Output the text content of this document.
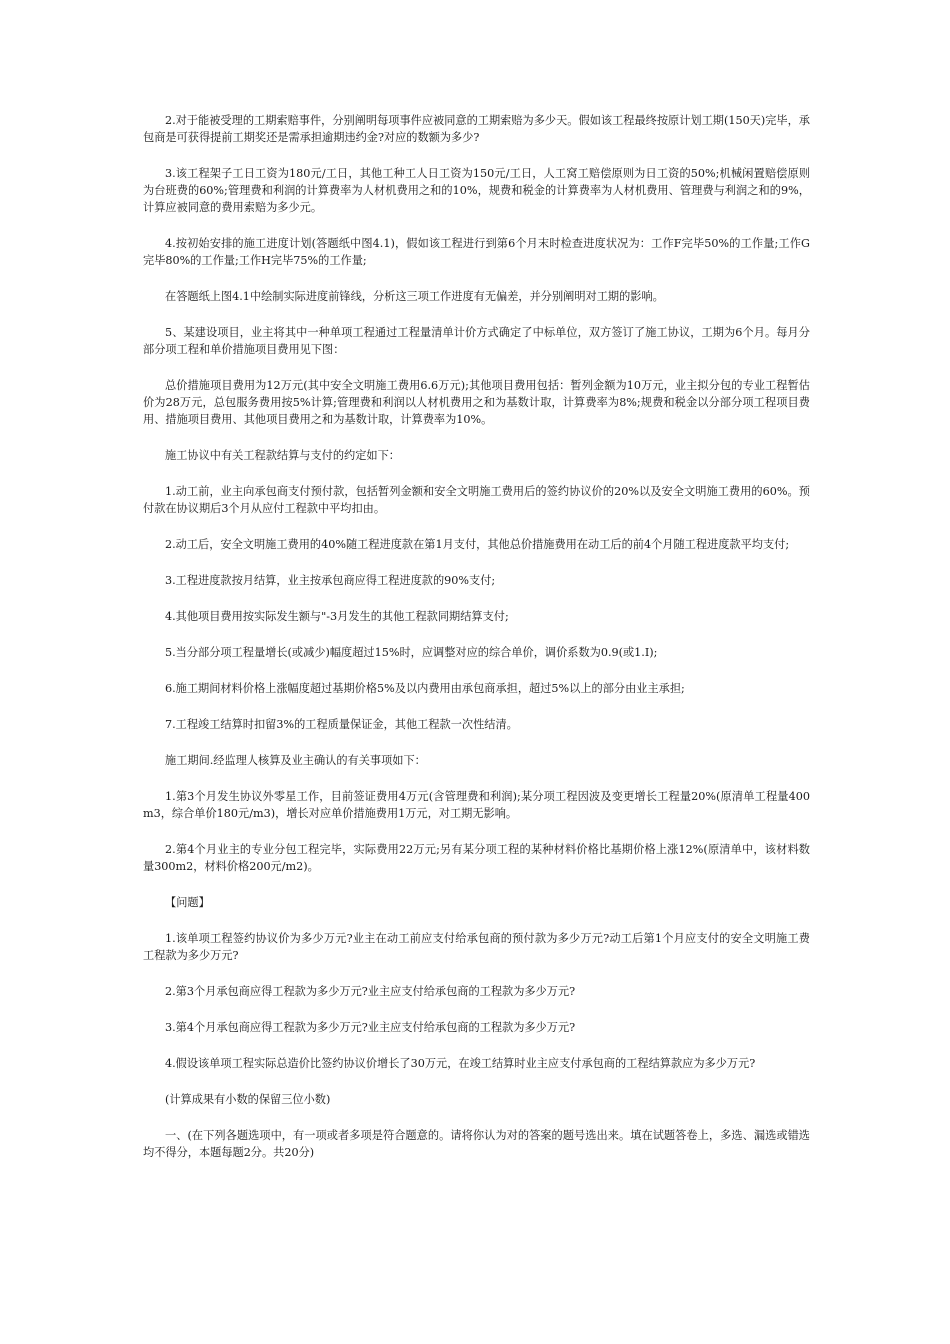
2.对于能被受理的工期索赔事件，分别阐明每项事件应被同意的工期索赔为多少天。假如该工程最终按原计划工期(150天)完毕，承包商是可获得提前工期奖还是需承担逾期违约金?对应的数额为多少?

3.该工程架子工日工资为180元/工日，其他工种工人日工资为150元/工日，人工窝工赔偿原则为日工资的50%;机械闲置赔偿原则为台班费的60%;管理费和利润的计算费率为人材机费用之和的10%，规费和税金的计算费率为人材机费用、管理费与利润之和的9%，计算应被同意的费用索赔为多少元。

4.按初始安排的施工进度计划(答题纸中图4.1)，假如该工程进行到第6个月末时检查进度状况为：工作F完毕50%的工作量;工作G完毕80%的工作量;工作H完毕75%的工作量;

在答题纸上图4.1中绘制实际进度前锋线，分析这三项工作进度有无偏差，并分别阐明对工期的影响。

5、某建设项目，业主将其中一种单项工程通过工程量清单计价方式确定了中标单位，双方签订了施工协议，工期为6个月。每月分部分项工程和单价措施项目费用见下图：

总价措施项目费用为12万元(其中安全文明施工费用6.6万元);其他项目费用包括：暂列金额为10万元，业主拟分包的专业工程暂估价为28万元，总包服务费用按5%计算;管理费和利润以人材机费用之和为基数计取，计算费率为8%;规费和税金以分部分项工程项目费用、措施项目费用、其他项目费用之和为基数计取，计算费率为10%。

施工协议中有关工程款结算与支付的约定如下：

1.动工前，业主向承包商支付预付款，包括暂列金额和安全文明施工费用后的签约协议价的20%以及安全文明施工费用的60%。预付款在协议期后3个月从应付工程款中平均扣由。

2.动工后，安全文明施工费用的40%随工程进度款在第1月支付，其他总价措施费用在动工后的前4个月随工程进度款平均支付;

3.工程进度款按月结算，业主按承包商应得工程进度款的90%支付;

4.其他项目费用按实际发生额与"-3月发生的其他工程款同期结算支付;

5.当分部分项工程量增长(或减少)幅度超过15%时，应调整对应的综合单价，调价系数为0.9(或1.I);

6.施工期间材料价格上涨幅度超过基期价格5%及以内费用由承包商承担，超过5%以上的部分由业主承担;

7.工程竣工结算时扣留3%的工程质量保证金，其他工程款一次性结清。

施工期间.经监理人核算及业主确认的有关事项如下：

1.第3个月发生协议外零星工作，目前签证费用4万元(含管理费和利润);某分项工程因波及变更增长工程量20%(原清单工程量400m3，综合单价180元/m3)，增长对应单价措施费用1万元，对工期无影响。

2.第4个月业主的专业分包工程完毕，实际费用22万元;另有某分项工程的某种材料价格比基期价格上涨12%(原清单中，该材料数量300m2，材料价格200元/m2)。

【问题】

1.该单项工程签约协议价为多少万元?业主在动工前应支付给承包商的预付款为多少万元?动工后第1个月应支付的安全文明施工费工程款为多少万元?

2.第3个月承包商应得工程款为多少万元?业主应支付给承包商的工程款为多少万元?

3.第4个月承包商应得工程款为多少万元?业主应支付给承包商的工程款为多少万元?

4.假设该单项工程实际总造价比签约协议价增长了30万元，在竣工结算时业主应支付承包商的工程结算款应为多少万元?

(计算成果有小数的保留三位小数)

一、(在下列各题选项中，有一项或者多项是符合题意的。请将你认为对的答案的题号选出来。填在试题答卷上，多选、漏选或错选均不得分，本题每题2分。共20分)
